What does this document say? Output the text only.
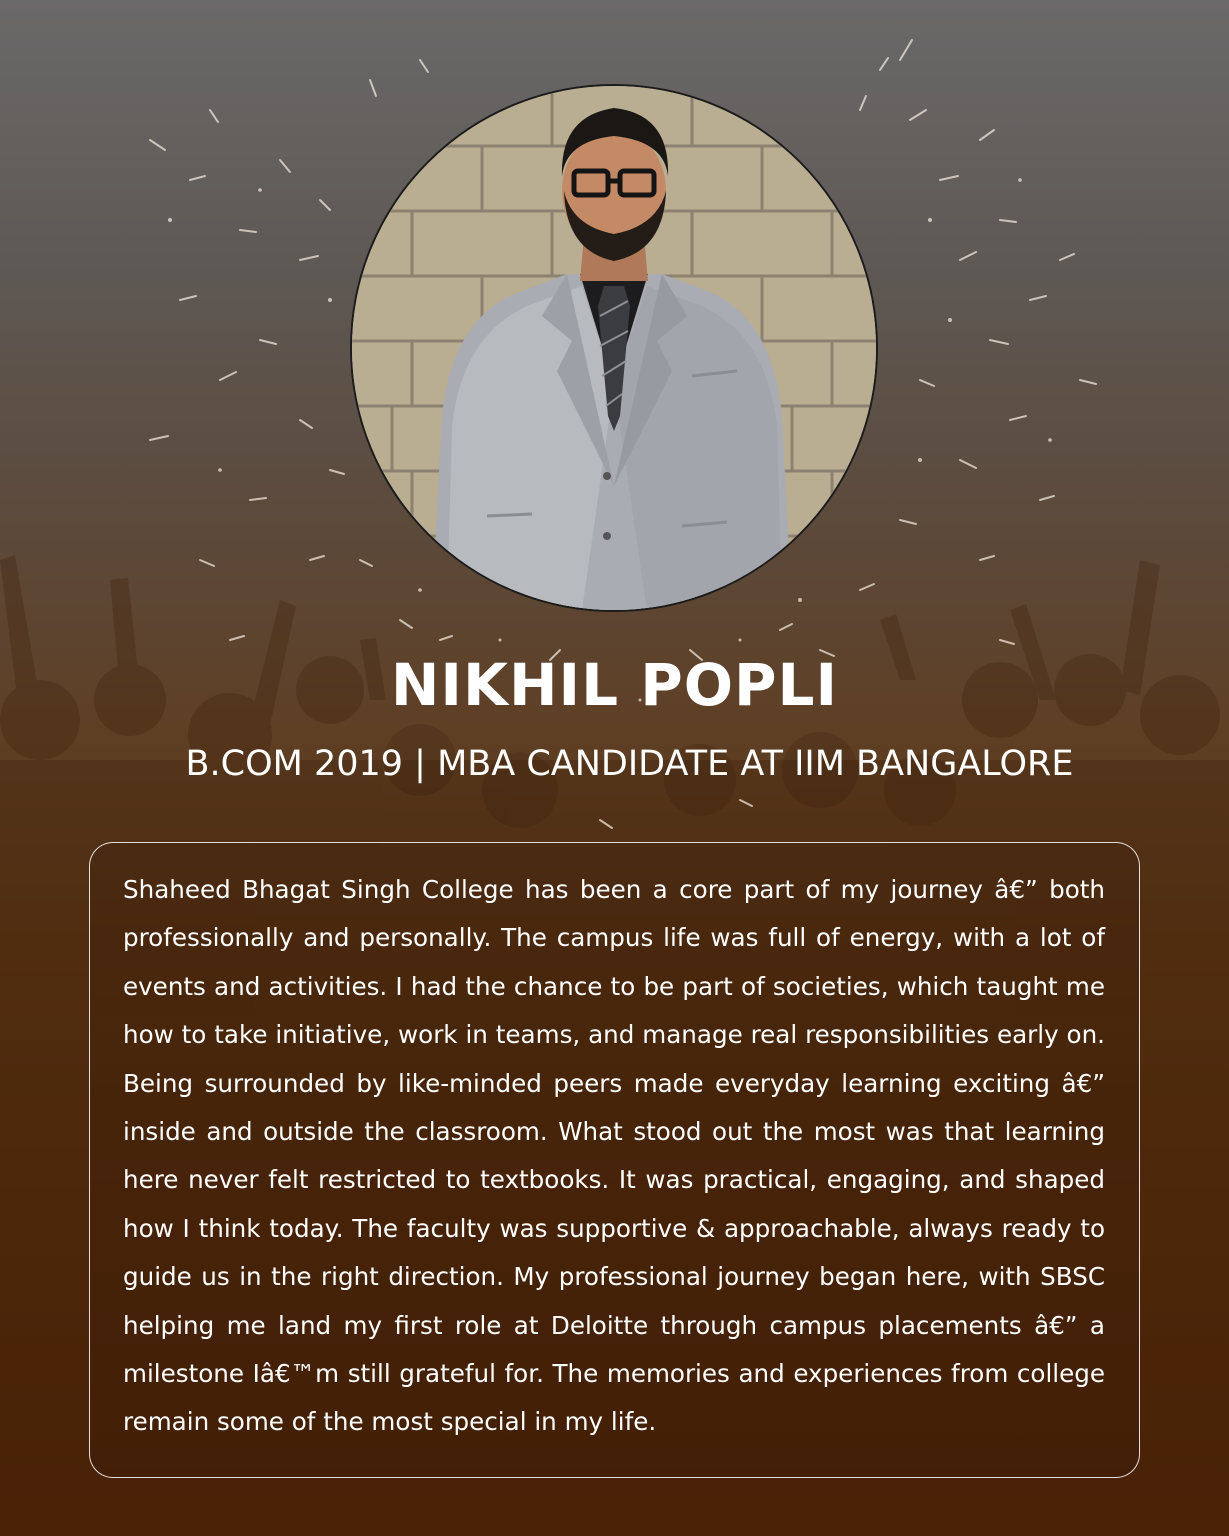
NIKHIL POPLI
B.COM 2019 | MBA CANDIDATE AT IIM BANGALORE

Shaheed Bhagat Singh College has been a core part of my journey â€” both professionally and personally. The campus life was full of energy, with a lot of events and activities. I had the chance to be part of societies, which taught me how to take initiative, work in teams, and manage real responsibilities early on. Being surrounded by like-minded peers made everyday learning exciting â€” inside and outside the classroom. What stood out the most was that learning here never felt restricted to textbooks. It was practical, engaging, and shaped how I think today. The faculty was supportive & approachable, always ready to guide us in the right direction. My professional journey began here, with SBSC helping me land my first role at Deloitte through campus placements â€” a milestone Iâ€™m still grateful for. The memories and experiences from college remain some of the most special in my life.
